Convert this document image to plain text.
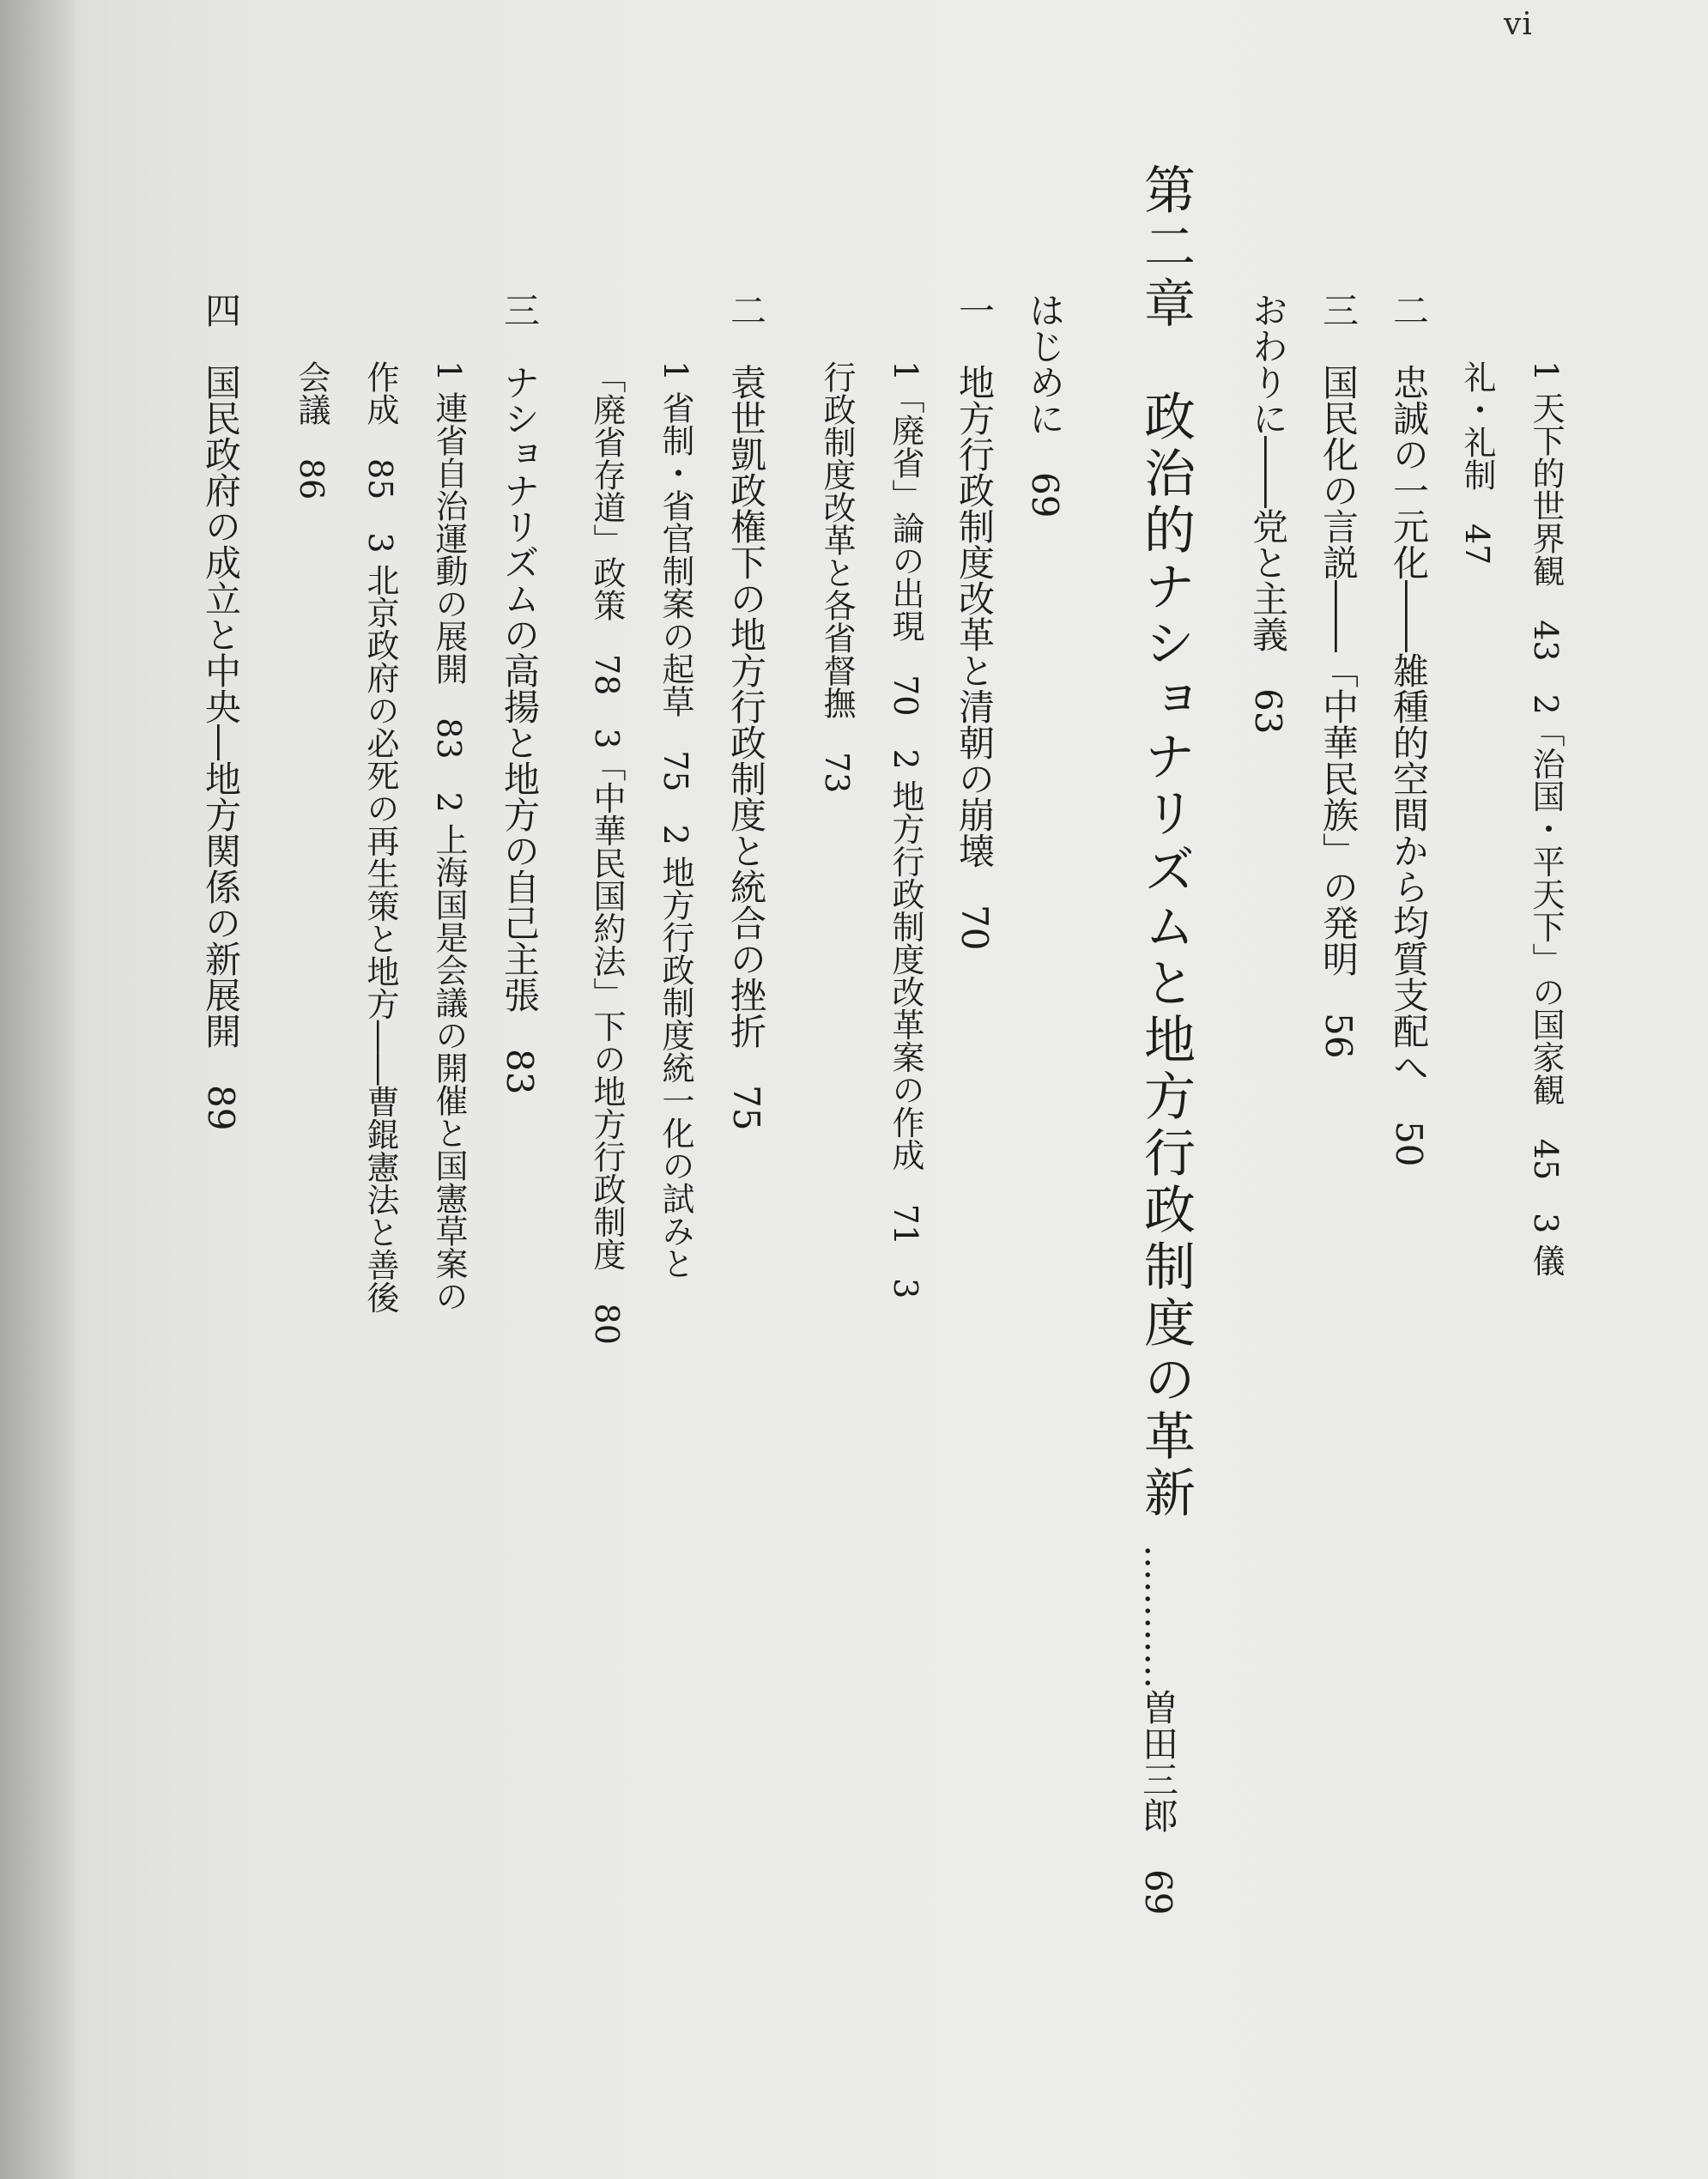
vi
1 天下的世界観　43　2「治国・平天下」の国家観　45　3 儀
礼・礼制　47
二　忠誠の一元化――雑種的空間から均質支配へ　50
三　国民化の言説――「中華民族」の発明　56
おわりに――党と主義　63
第二章　政治的ナショナリズムと地方行政制度の革新
…………曽田三郎　69
はじめに　69
一　地方行政制度改革と清朝の崩壊　70
1「廃省」論の出現　70　2 地方行政制度改革案の作成　71　3
行政制度改革と各省督撫　73
二　袁世凱政権下の地方行政制度と統合の挫折　75
1 省制・省官制案の起草　75　2 地方行政制度統一化の試みと
「廃省存道」政策　78　3「中華民国約法」下の地方行政制度　80
三　ナショナリズムの高揚と地方の自己主張　83
1 連省自治運動の展開　83　2 上海国是会議の開催と国憲草案の
作成　85　3 北京政府の必死の再生策と地方――曹錕憲法と善後
会議　86
四　国民政府の成立と中央―地方関係の新展開　89
